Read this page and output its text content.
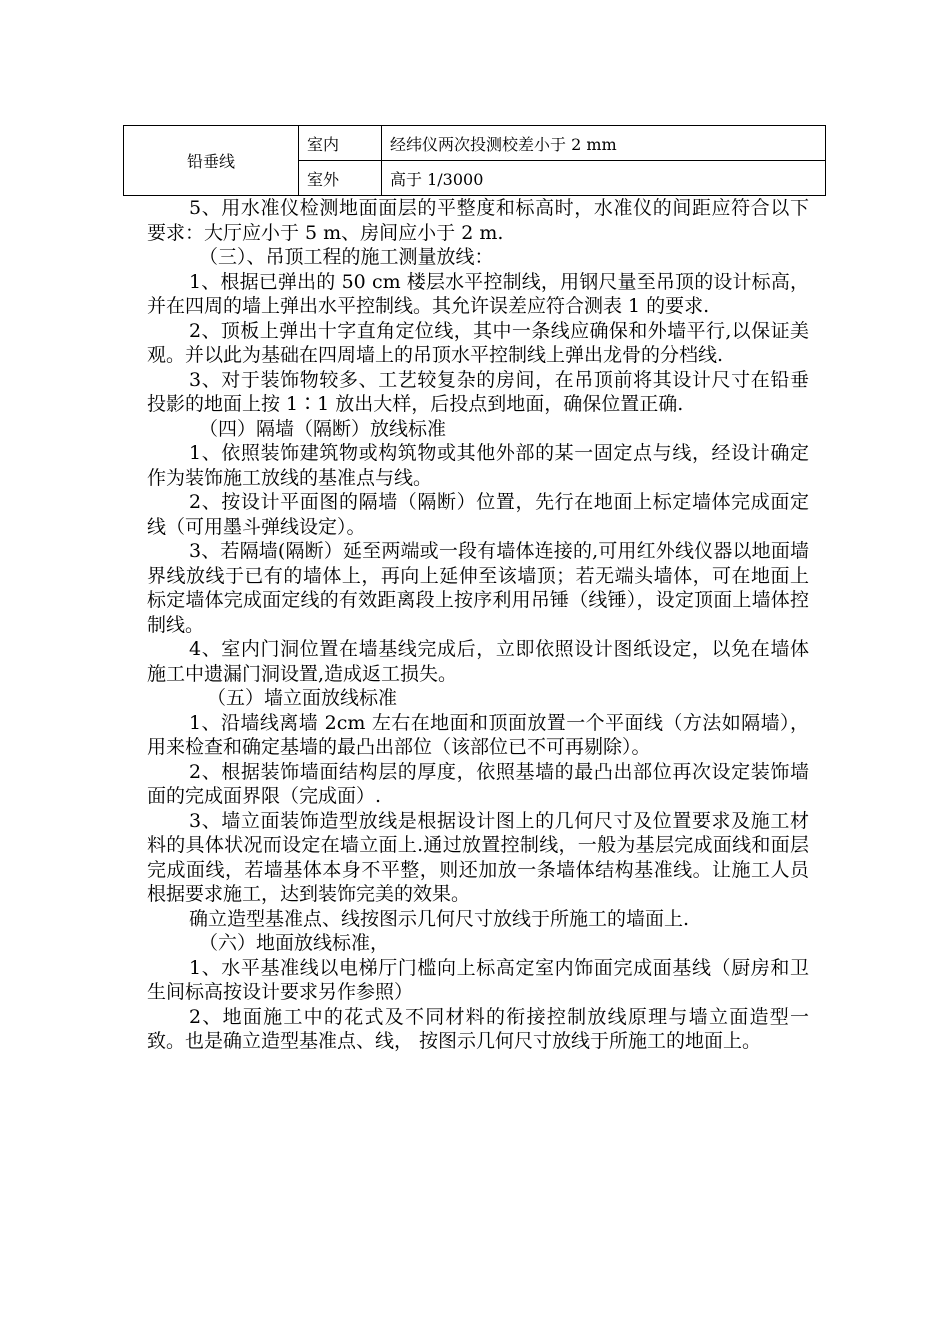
铅垂线	室内	经纬仪两次投测校差小于 2 mm
	室外	高于 1/3000

5、用水准仪检测地面面层的平整度和标高时，水准仪的间距应符合以下要求：大厅应小于 5 m、房间应小于 2 m.

（三）、吊顶工程的施工测量放线：

1、根据已弹出的 50 cm 楼层水平控制线，用钢尺量至吊顶的设计标高，并在四周的墙上弹出水平控制线。其允许误差应符合测表 1 的要求.

2、顶板上弹出十字直角定位线，其中一条线应确保和外墙平行,以保证美观。并以此为基础在四周墙上的吊顶水平控制线上弹出龙骨的分档线.

3、对于装饰物较多、工艺较复杂的房间，在吊顶前将其设计尺寸在铅垂投影的地面上按 1∶1 放出大样，后投点到地面，确保位置正确.

（四）隔墙（隔断）放线标准

1、依照装饰建筑物或构筑物或其他外部的某一固定点与线，经设计确定作为装饰施工放线的基准点与线。

2、按设计平面图的隔墙（隔断）位置，先行在地面上标定墙体完成面定线（可用墨斗弹线设定）。

3、若隔墙(隔断）延至两端或一段有墙体连接的,可用红外线仪器以地面墙界线放线于已有的墙体上，再向上延伸至该墙顶；若无端头墙体，可在地面上标定墙体完成面定线的有效距离段上按序利用吊锤（线锤），设定顶面上墙体控制线。

4、室内门洞位置在墙基线完成后，立即依照设计图纸设定，以免在墙体施工中遗漏门洞设置,造成返工损失。

（五）墙立面放线标准

1、沿墙线离墙 2cm 左右在地面和顶面放置一个平面线（方法如隔墙），用来检查和确定基墙的最凸出部位（该部位已不可再剔除）。

2、根据装饰墙面结构层的厚度，依照基墙的最凸出部位再次设定装饰墙面的完成面界限（完成面）.

3、墙立面装饰造型放线是根据设计图上的几何尺寸及位置要求及施工材料的具体状况而设定在墙立面上.通过放置控制线，一般为基层完成面线和面层完成面线，若墙基体本身不平整，则还加放一条墙体结构基准线。让施工人员根据要求施工，达到装饰完美的效果。

确立造型基准点、线按图示几何尺寸放线于所施工的墙面上.

（六）地面放线标准，

1、水平基准线以电梯厅门槛向上标高定室内饰面完成面基线（厨房和卫生间标高按设计要求另作参照）

2、地面施工中的花式及不同材料的衔接控制放线原理与墙立面造型一致。也是确立造型基准点、线， 按图示几何尺寸放线于所施工的地面上。
